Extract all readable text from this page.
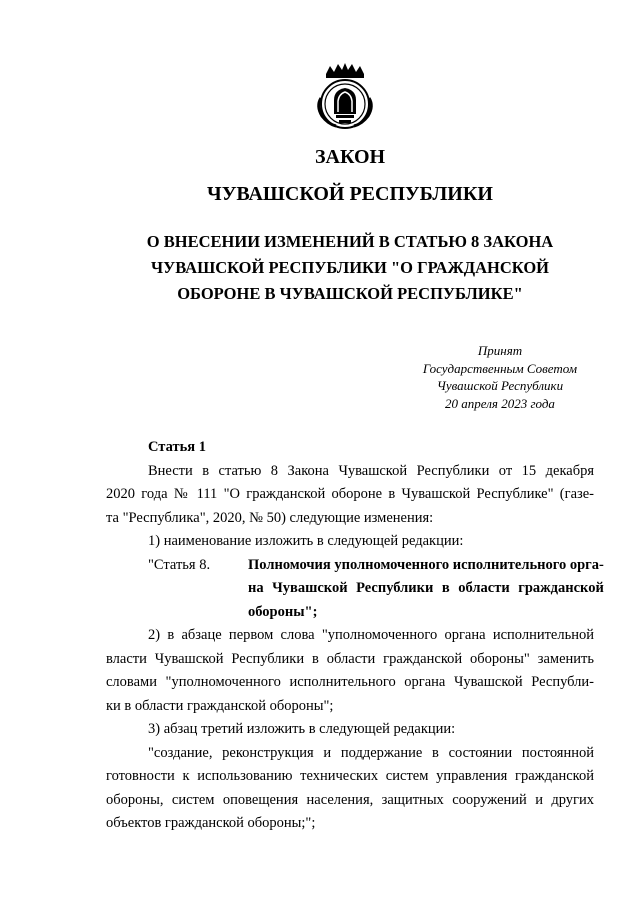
ЗАКОН
ЧУВАШСКОЙ РЕСПУБЛИКИ
О ВНЕСЕНИИ ИЗМЕНЕНИЙ В СТАТЬЮ 8 ЗАКОНА
ЧУВАШСКОЙ РЕСПУБЛИКИ "О ГРАЖДАНСКОЙ
ОБОРОНЕ В ЧУВАШСКОЙ РЕСПУБЛИКЕ"
Принят
Государственным Советом
Чувашской Республики
20 апреля 2023 года
Статья 1
Внести в статью 8 Закона Чувашской Республики от 15 декабря
2020 года № 111 "О гражданской обороне в Чувашской Республике" (газе-
та "Республика", 2020, № 50) следующие изменения:
1) наименование изложить в следующей редакции:
"Статья 8.	Полномочия уполномоченного исполнительного орга-
на Чувашской Республики в области гражданской
обороны";
2) в абзаце первом слова "уполномоченного органа исполнительной
власти Чувашской Республики в области гражданской обороны" заменить
словами "уполномоченного исполнительного органа Чувашской Республи-
ки в области гражданской обороны";
3) абзац третий изложить в следующей редакции:
"создание, реконструкция и поддержание в состоянии постоянной
готовности к использованию технических систем управления гражданской
обороны, систем оповещения населения, защитных сооружений и других
объектов гражданской обороны;";
